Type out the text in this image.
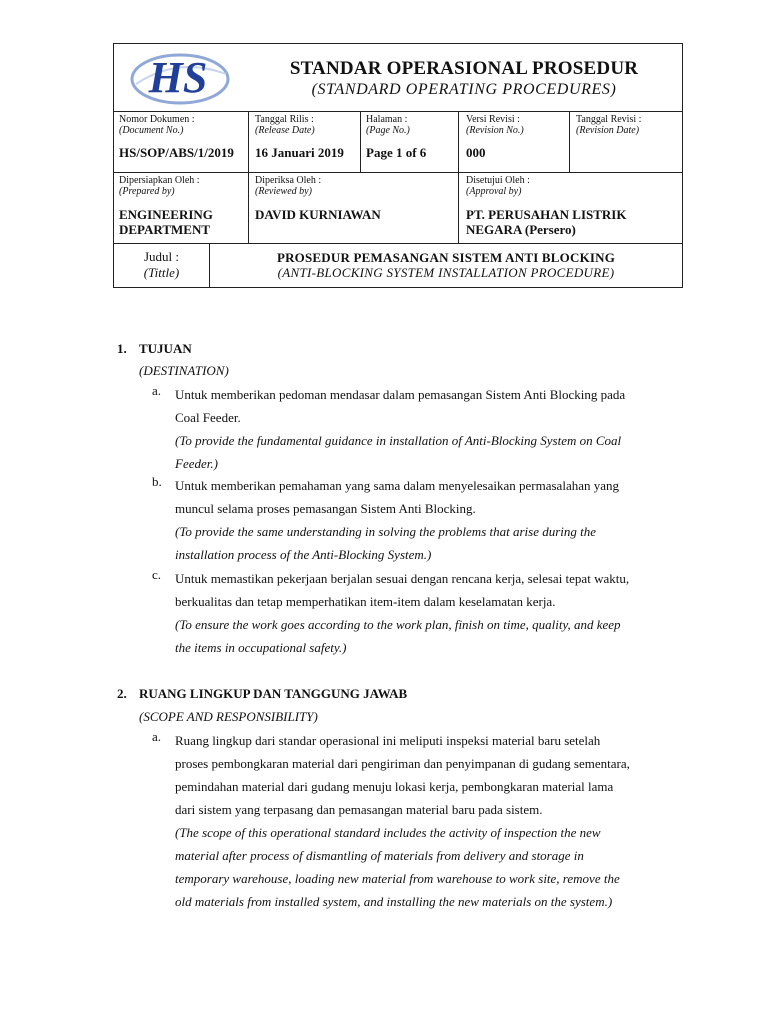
HS	STANDAR OPERASIONAL PROSEDUR
(STANDARD OPERATING PROCEDURES)
Nomor Dokumen :
(Document No.)
HS/SOP/ABS/1/2019
Tanggal Rilis :
(Release Date)
16 Januari 2019
Halaman :
(Page No.)
Page 1 of 6
Versi Revisi :
(Revision No.)
000
Tanggal Revisi :
(Revision Date)
Dipersiapkan Oleh :
(Prepared by)
ENGINEERING
DEPARTMENT
Diperiksa Oleh :
(Reviewed by)
DAVID KURNIAWAN
Disetujui Oleh :
(Approval by)
PT. PERUSAHAN LISTRIK
NEGARA (Persero)
Judul :
(Tittle)
PROSEDUR PEMASANGAN SISTEM ANTI BLOCKING
(ANTI-BLOCKING SYSTEM INSTALLATION PROCEDURE)
1. TUJUAN
(DESTINATION)
a. Untuk memberikan pedoman mendasar dalam pemasangan Sistem Anti Blocking pada
Coal Feeder.
(To provide the fundamental guidance in installation of Anti-Blocking System on Coal
Feeder.)
b. Untuk memberikan pemahaman yang sama dalam menyelesaikan permasalahan yang
muncul selama proses pemasangan Sistem Anti Blocking.
(To provide the same understanding in solving the problems that arise during the
installation process of the Anti-Blocking System.)
c. Untuk memastikan pekerjaan berjalan sesuai dengan rencana kerja, selesai tepat waktu,
berkualitas dan tetap memperhatikan item-item dalam keselamatan kerja.
(To ensure the work goes according to the work plan, finish on time, quality, and keep
the items in occupational safety.)
2. RUANG LINGKUP DAN TANGGUNG JAWAB
(SCOPE AND RESPONSIBILITY)
a. Ruang lingkup dari standar operasional ini meliputi inspeksi material baru setelah
proses pembongkaran material dari pengiriman dan penyimpanan di gudang sementara,
pemindahan material dari gudang menuju lokasi kerja, pembongkaran material lama
dari sistem yang terpasang dan pemasangan material baru pada sistem.
(The scope of this operational standard includes the activity of inspection the new
material after process of dismantling of materials from delivery and storage in
temporary warehouse, loading new material from warehouse to work site, remove the
old materials from installed system, and installing the new materials on the system.)
